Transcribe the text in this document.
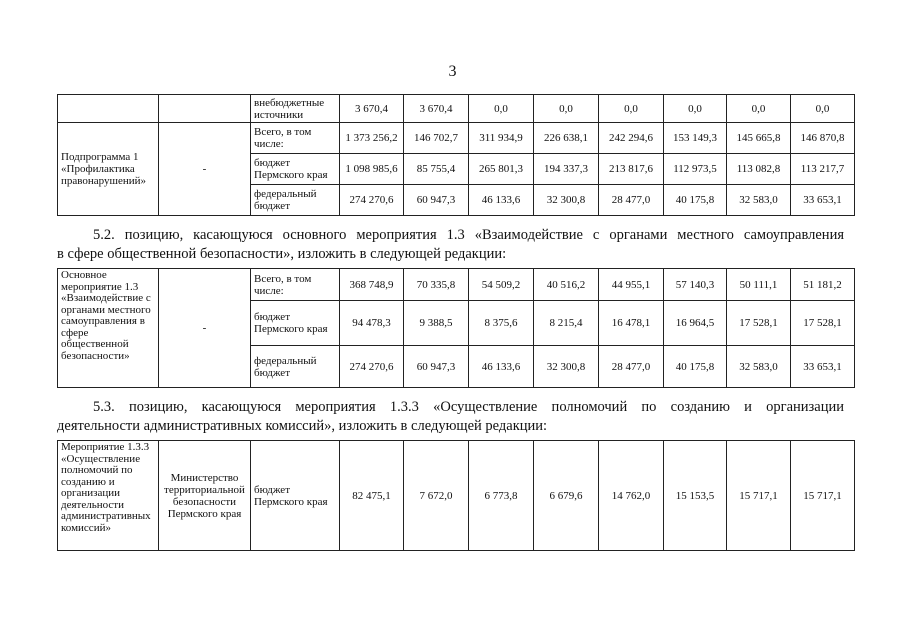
3
		внебюджетные источники	3 670,4	3 670,4	0,0	0,0	0,0	0,0	0,0	0,0
Подпрограмма 1 «Профилактика правонарушений»	-	Всего, в том числе:	1 373 256,2	146 702,7	311 934,9	226 638,1	242 294,6	153 149,3	145 665,8	146 870,8
		бюджет Пермского края	1 098 985,6	85 755,4	265 801,3	194 337,3	213 817,6	112 973,5	113 082,8	113 217,7
		федеральный бюджет	274 270,6	60 947,3	46 133,6	32 300,8	28 477,0	40 175,8	32 583,0	33 653,1
5.2. позицию, касающуюся основного мероприятия 1.3 «Взаимодействие с органами местного самоуправления
в сфере общественной безопасности», изложить в следующей редакции:
Основное мероприятие 1.3 «Взаимодействие с органами местного самоуправления в сфере общественной безопасности»	-	Всего, в том числе:	368 748,9	70 335,8	54 509,2	40 516,2	44 955,1	57 140,3	50 111,1	51 181,2
		бюджет Пермского края	94 478,3	9 388,5	8 375,6	8 215,4	16 478,1	16 964,5	17 528,1	17 528,1
		федеральный бюджет	274 270,6	60 947,3	46 133,6	32 300,8	28 477,0	40 175,8	32 583,0	33 653,1
5.3. позицию, касающуюся мероприятия 1.3.3 «Осуществление полномочий по созданию и организации
деятельности административных комиссий», изложить в следующей редакции:
Мероприятие 1.3.3 «Осуществление полномочий по созданию и организации деятельности административных комиссий»	Министерство территориальной безопасности Пермского края	бюджет Пермского края	82 475,1	7 672,0	6 773,8	6 679,6	14 762,0	15 153,5	15 717,1	15 717,1
